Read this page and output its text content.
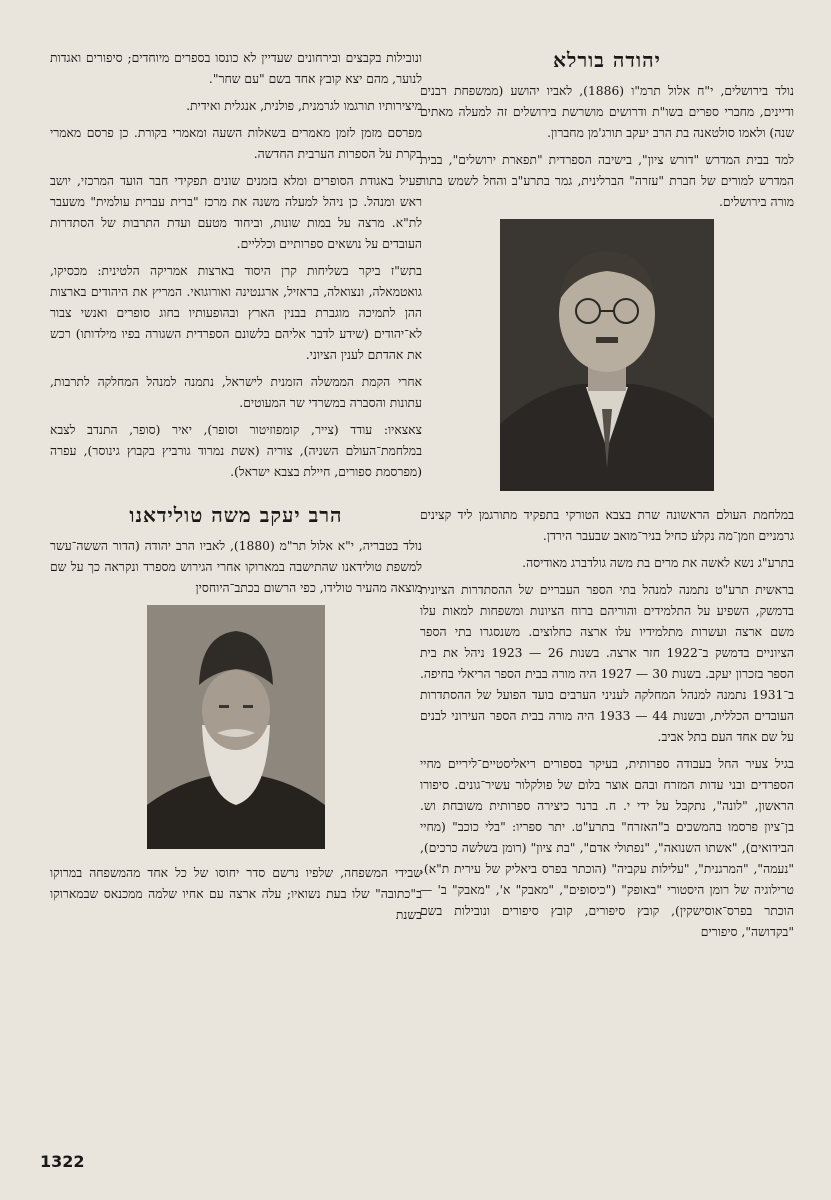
יהודה בורלא

נולד בירושלים, י"ח אלול תרמ"ו (1886), לאביו יהושע (ממשפחת רבנים ודיינים, מחברי ספרים בשו"ת ודרושים מושרשת בירושלים זה למעלה מאתים שנה) ולאמו סולטאנה בת הרב יעקב תורג'מן מחברון.

למד בבית המדרש "דורש ציון", בישיבה הספרדית "תפארת ירושלים", בבית המדרש למורים של חברת "עזרה" הברלינית, גמר בתרע"ב והחל לשמש בתור מורה בירושלים.

במלחמת העולם הראשונה שרת בצבא הטורקי בתפקיד מתורגמן ליד קצינים גרמניים וזמן־מה נקלע כחיל בניר־מואב שבעבר הירדן.

בתרע"ג נשא לאשה את מרים בת משה גולדברג מאודיסה.

בראשית תרע"ט נתמנה למנהל בתי הספר העבריים של ההסתדרות הציונית בדמשק, השפיע על התלמידים והוריהם ברוח הציונות ומשפחות למאות עלו משם ארצה ועשרות מתלמידיו עלו ארצה כחלוצים. משנסגרו בתי הספר הציוניים בדמשק ב־1922 חזר ארצה. בשנות 26 — 1923 ניהל את בית הספר בזכרון יעקב. בשנות 30 — 1927 היה מורה בבית הספר הריאלי בחיפה. ב־1931 נתמנה למנהל המחלקה לעניני הערבים בועד הפועל של ההסתדרות העובדים הכללית, ובשנות 44 — 1933 היה מורה בבית הספר העירוני לבנים על שם אחד העם בתל אביב.

בגיל צעיר החל בעבודה ספרותית, בעיקר בספורים ריאליסטיים־ליריים מחיי הספרדים ובני עדות המזרח ובהם אוצר בלום של פולקלור עשיר־גונים. סיפורו הראשון, "לונה", נתקבל על ידי י. ח. ברנר כיצירה ספרותית משובחת וש. בן־ציון פרסמו בהמשכים ב"האזרח" בתרע"ט. יתר ספריו: "בלי כוכב" (מחיי הבידואים), "אשתו השנואה", "נפתולי אדם", "בת ציון" (רומן בשלשה כרכים), "נעמה", "המרגנית", "עלילות עקביה" (הוכתר בפרס ביאליק של עירית ת"א), טרילוגיה של רומן היסטורי "באופק" ("כיסופים", "מאבק" א', "מאבק" ב' — הוכתר בפרס־אוסישקין), קובץ סיפורים, קובץ סיפורים ונובילות בשם "בקדושה", סיפורים

ונובילות בקבצים ובירחונים שעדיין לא כונסו בספרים מיוחדים; סיפורים ואגדות לנוער, מהם יצא קובץ אחד בשם "עם שחר".

מיצירותיו תורגמו לגרמנית, פולנית, אנגלית ואידית.

מפרסם מזמן לזמן מאמרים בשאלות השעה ומאמרי בקורת. כן פרסם מאמרי בקרת על הספרות הערבית החדשה.

פעיל באגודת הסופרים ומלא בזמנים שונים תפקידי חבר הועד המרכזי, יושב ראש ומנהל. כן ניהל למעלה משנה את מרכז "ברית עברית עולמית" משעבר לת"א. מרצה על במות שונות, וביחוד מטעם ועדת התרבות של הסתדרות העובדים על נושאים ספרותיים וכלליים.

בתש"ז ביקר בשליחות קרן היסוד בארצות אמריקה הלטינית: מכסיקו, גואטמאלה, ונצואלה, בראזיל, ארגנטינה ואורוגואי. המריץ את היהודים בארצות ההן לתמיכה מוגברת בבנין הארץ ובהופעותיו בחוג סופרים ואנשי צבור לא־יהודים (שידע לדבר אליהם בלשונם הספרדית השגורה בפיו מילדותו) רכש את אהדתם לענין הציוני.

אחרי הקמת הממשלה הזמנית לישראל, נתמנה למנהל המחלקה לתרבות, עתונות והסברה במשרדי שר המעוטים.

צאצאיו: עודד (צייר, קומפוזיטור וסופר), יאיר (סופר, התנדב לצבא במלחמת־העולם השניה), צוריה (אשת נמרוד גורביץ בקבוץ גינוסר), עפרה (מפרסמת ספורים, חיילת בצבא ישראל).

הרב יעקב משה טולידאנו

נולד בטבריה, י"א אלול תר"מ (1880), לאביו הרב יהודה (הדור הששה־עשר למשפת טולידאנו שהתישבה במארוקו אחרי הגירוש מספרד ונקראה כך על שם מוצאה מהעיר טולידו, כפי הרשום בכתב־היוחסין

שבידי המשפחה, שלפיו נרשם סדר יחוסו של כל אחד מהמשפחה במרוקו ב"כתובה" שלו בעת נשואיו; עלה ארצה עם אחיו שלמה ממכנאס שבמארוקו בשנת

1322
